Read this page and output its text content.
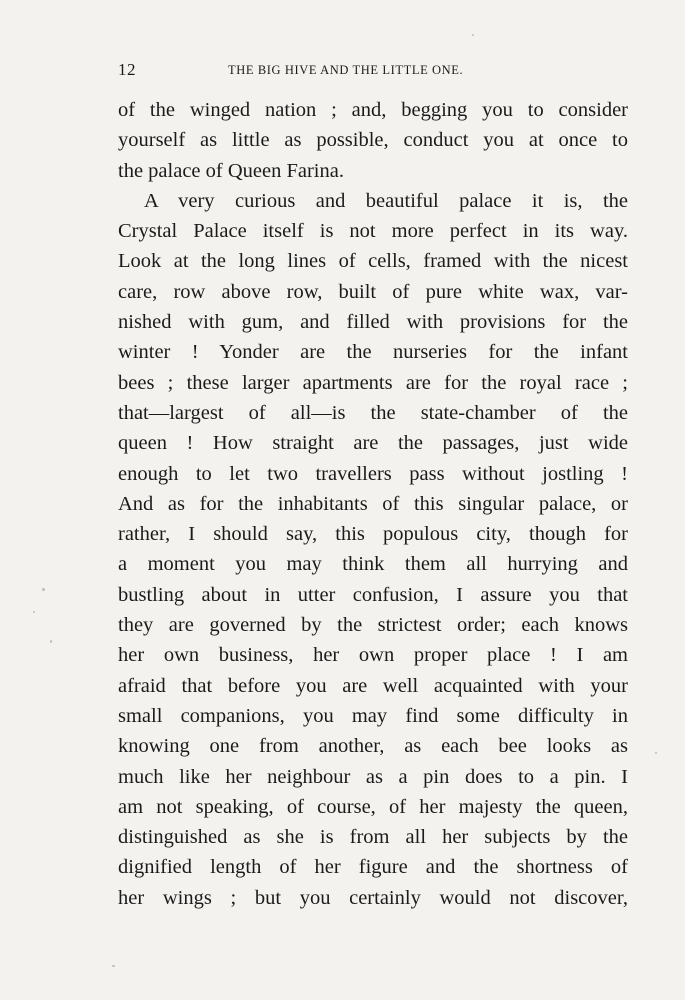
12	THE BIG HIVE AND THE LITTLE ONE.
of the winged nation ; and, begging you to consider
yourself as little as possible, conduct you at once to
the palace of Queen Farina.
A very curious and beautiful palace it is, the
Crystal Palace itself is not more perfect in its way.
Look at the long lines of cells, framed with the nicest
care, row above row, built of pure white wax, var-
nished with gum, and filled with provisions for the
winter ! Yonder are the nurseries for the infant
bees ; these larger apartments are for the royal race ;
that—largest of all—is the state-chamber of the
queen ! How straight are the passages, just wide
enough to let two travellers pass without jostling !
And as for the inhabitants of this singular palace, or
rather, I should say, this populous city, though for
a moment you may think them all hurrying and
bustling about in utter confusion, I assure you that
they are governed by the strictest order; each knows
her own business, her own proper place ! I am
afraid that before you are well acquainted with your
small companions, you may find some difficulty in
knowing one from another, as each bee looks as
much like her neighbour as a pin does to a pin. I
am not speaking, of course, of her majesty the queen,
distinguished as she is from all her subjects by the
dignified length of her figure and the shortness of
her wings ; but you certainly would not discover,
